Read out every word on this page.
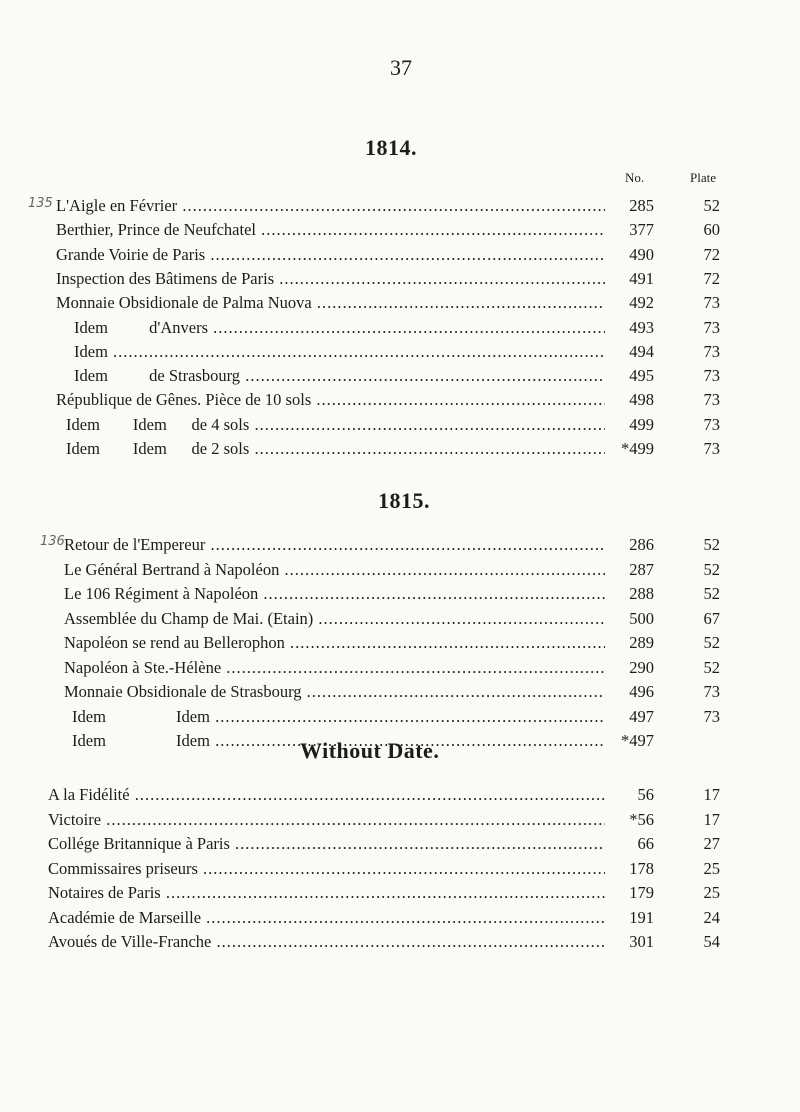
37
1814.
No.	Plate
135 L'Aigle en Février .....	285	52
Berthier, Prince de Neufchatel .....	377	60
Grande Voirie de Paris .....	490	72
Inspection des Bâtimens de Paris .....	491	72
Monnaie Obsidionale de Palma Nuova .....	492	73
Idem          d'Anvers .....	493	73
Idem .....	494	73
Idem          de Strasbourg .....	495	73
République de Gênes. Pièce de 10 sols .....	498	73
Idem        Idem      de 4 sols .....	499	73
Idem        Idem      de 2 sols .....	*499	73
1815.
136 Retour de l'Empereur .....	286	52
Le Général Bertrand à Napoléon .....	287	52
Le 106 Régiment à Napoléon .....	288	52
Assemblée du Champ de Mai. (Etain) .....	500	67
Napoléon se rend au Bellerophon .....	289	52
Napoléon à Ste.-Hélène .....	290	52
Monnaie Obsidionale de Strasbourg .....	496	73
Idem                 Idem .....	497	73
Idem                 Idem .....	*497
Without Date.
A la Fidélité .....	56	17
Victoire .....	*56	17
Collége Britannique à Paris .....	66	27
Commissaires priseurs .....	178	25
Notaires de Paris .....	179	25
Académie de Marseille .....	191	24
Avoués de Ville-Franche .....	301	54
